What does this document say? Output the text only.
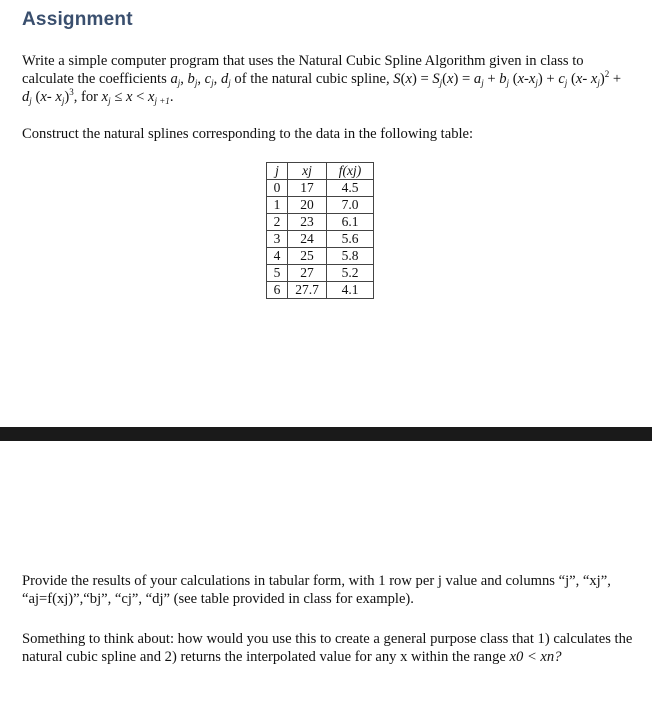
Assignment
Write a simple computer program that uses the Natural Cubic Spline Algorithm given in class to calculate the coefficients $a_j$, $b_j$, $c_j$, $d_j$ of the natural cubic spline, $S(x) = S_j(x) = a_j + b_j$ $(x-x_j) + c_j$ (x- $x_j)^2 + d_j$ (x- $x_j)^3$, for $x_j \le x < x_{j +1}$.
Construct the natural splines corresponding to the data in the following table:
j	xj	f(xj)
0	17	4.5
1	20	7.0
2	23	6.1
3	24	5.6
4	25	5.8
5	27	5.2
6	27.7	4.1
Provide the results of your calculations in tabular form, with 1 row per j value and columns “j”, “xj”, “aj=f(xj)”,“bj”, “cj”, “dj” (see table provided in class for example).
Something to think about: how would you use this to create a general purpose class that 1) calculates the natural cubic spline and 2) returns the interpolated value for any x within the range x0 < xn?
